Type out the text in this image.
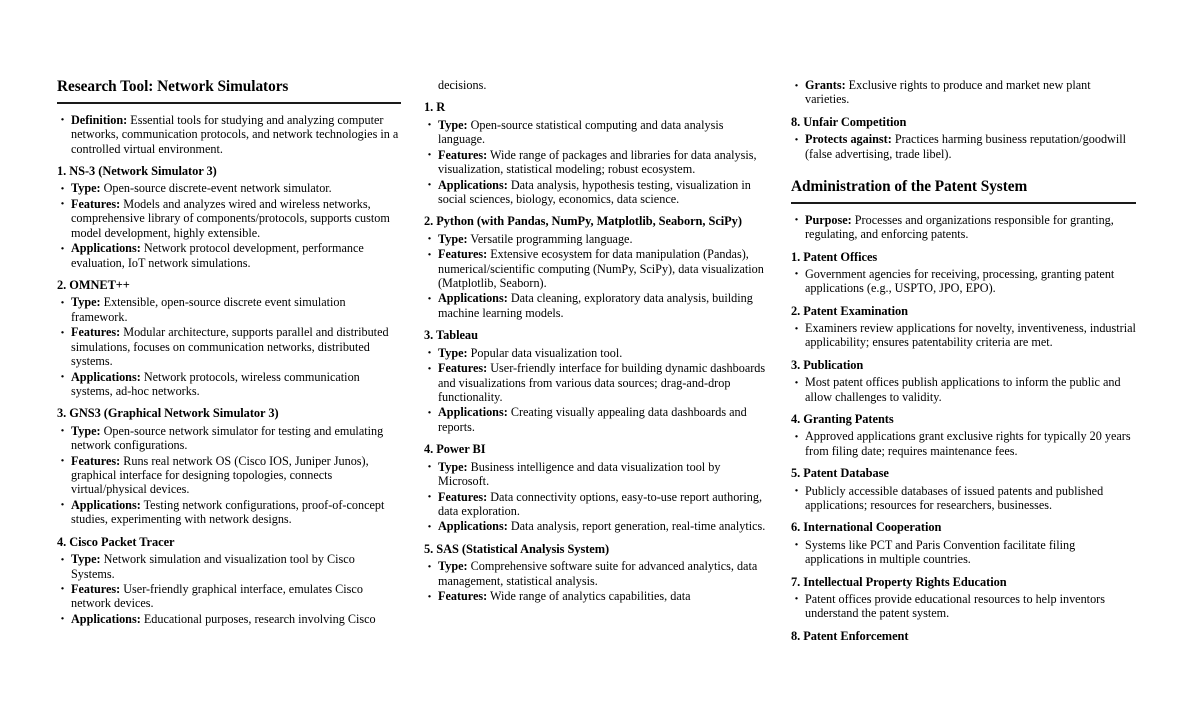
Research Tool: Network Simulators
· Definition: Essential tools for studying and analyzing computer networks, communication protocols, and network technologies in a controlled virtual environment.
1. NS-3 (Network Simulator 3)
· Type: Open-source discrete-event network simulator.
· Features: Models and analyzes wired and wireless networks, comprehensive library of components/protocols, supports custom model development, highly extensible.
· Applications: Network protocol development, performance evaluation, IoT network simulations.
2. OMNET++
· Type: Extensible, open-source discrete event simulation framework.
· Features: Modular architecture, supports parallel and distributed simulations, focuses on communication networks, distributed systems.
· Applications: Network protocols, wireless communication systems, ad-hoc networks.
3. GNS3 (Graphical Network Simulator 3)
· Type: Open-source network simulator for testing and emulating network configurations.
· Features: Runs real network OS (Cisco IOS, Juniper Junos), graphical interface for designing topologies, connects virtual/physical devices.
· Applications: Testing network configurations, proof-of-concept studies, experimenting with network designs.
4. Cisco Packet Tracer
· Type: Network simulation and visualization tool by Cisco Systems.
· Features: User-friendly graphical interface, emulates Cisco network devices.
· Applications: Educational purposes, research involving Cisco
decisions.
1. R
· Type: Open-source statistical computing and data analysis language.
· Features: Wide range of packages and libraries for data analysis, visualization, statistical modeling; robust ecosystem.
· Applications: Data analysis, hypothesis testing, visualization in social sciences, biology, economics, data science.
2. Python (with Pandas, NumPy, Matplotlib, Seaborn, SciPy)
· Type: Versatile programming language.
· Features: Extensive ecosystem for data manipulation (Pandas), numerical/scientific computing (NumPy, SciPy), data visualization (Matplotlib, Seaborn).
· Applications: Data cleaning, exploratory data analysis, building machine learning models.
3. Tableau
· Type: Popular data visualization tool.
· Features: User-friendly interface for building dynamic dashboards and visualizations from various data sources; drag-and-drop functionality.
· Applications: Creating visually appealing data dashboards and reports.
4. Power BI
· Type: Business intelligence and data visualization tool by Microsoft.
· Features: Data connectivity options, easy-to-use report authoring, data exploration.
· Applications: Data analysis, report generation, real-time analytics.
5. SAS (Statistical Analysis System)
· Type: Comprehensive software suite for advanced analytics, data management, statistical analysis.
· Features: Wide range of analytics capabilities, data
· Grants: Exclusive rights to produce and market new plant varieties.
8. Unfair Competition
· Protects against: Practices harming business reputation/goodwill (false advertising, trade libel).
Administration of the Patent System
· Purpose: Processes and organizations responsible for granting, regulating, and enforcing patents.
1. Patent Offices
· Government agencies for receiving, processing, granting patent applications (e.g., USPTO, JPO, EPO).
2. Patent Examination
· Examiners review applications for novelty, inventiveness, industrial applicability; ensures patentability criteria are met.
3. Publication
· Most patent offices publish applications to inform the public and allow challenges to validity.
4. Granting Patents
· Approved applications grant exclusive rights for typically 20 years from filing date; requires maintenance fees.
5. Patent Database
· Publicly accessible databases of issued patents and published applications; resources for researchers, businesses.
6. International Cooperation
· Systems like PCT and Paris Convention facilitate filing applications in multiple countries.
7. Intellectual Property Rights Education
· Patent offices provide educational resources to help inventors understand the patent system.
8. Patent Enforcement
